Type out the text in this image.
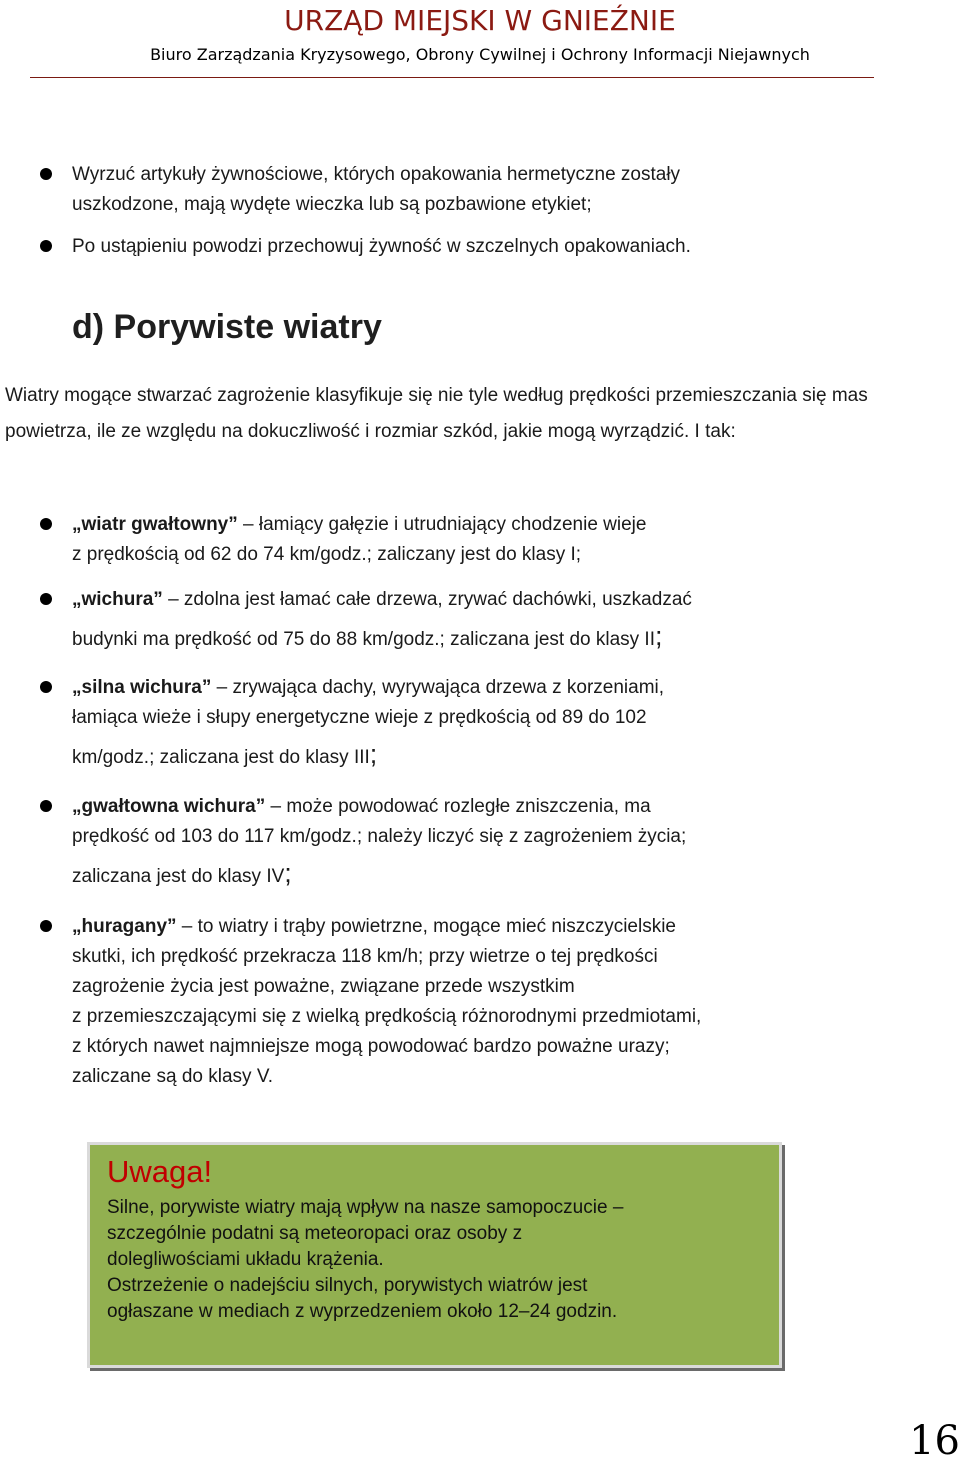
URZĄD MIEJSKI W GNIEŹNIE
Biuro Zarządzania Kryzysowego, Obrony Cywilnej i Ochrony Informacji Niejawnych
Wyrzuć artykuły żywnościowe, których opakowania hermetyczne zostały
uszkodzone, mają wydęte wieczka lub są pozbawione etykiet;
Po ustąpieniu powodzi przechowuj żywność w szczelnych opakowaniach.
d) Porywiste wiatry
Wiatry mogące stwarzać zagrożenie klasyfikuje się nie tyle według prędkości przemieszczania się mas powietrza, ile ze względu na dokuczliwość i rozmiar szkód, jakie mogą wyrządzić. I tak:
„wiatr gwałtowny” – łamiący gałęzie i utrudniający chodzenie wieje
z prędkością od 62 do 74 km/godz.; zaliczany jest do klasy I;
„wichura” – zdolna jest łamać całe drzewa, zrywać dachówki, uszkadzać
budynki ma prędkość od 75 do 88 km/godz.; zaliczana jest do klasy II;
„silna wichura” – zrywająca dachy, wyrywająca drzewa z korzeniami,
łamiąca wieże i słupy energetyczne wieje z prędkością od 89 do 102
km/godz.; zaliczana jest do klasy III;
„gwałtowna wichura” – może powodować rozległe zniszczenia, ma
prędkość od 103 do 117 km/godz.; należy liczyć się z zagrożeniem życia;
zaliczana jest do klasy IV;
„huragany” – to wiatry i trąby powietrzne, mogące mieć niszczycielskie
skutki, ich prędkość przekracza 118 km/h; przy wietrze o tej prędkości
zagrożenie życia jest poważne, związane przede wszystkim
z przemieszczającymi się z wielką prędkością różnorodnymi przedmiotami,
z których nawet najmniejsze mogą powodować bardzo poważne urazy;
zaliczane są do klasy V.
Uwaga!
Silne, porywiste wiatry mają wpływ na nasze samopoczucie –
szczególnie podatni są meteoropaci oraz osoby z
dolegliwościami układu krążenia.
Ostrzeżenie o nadejściu silnych, porywistych wiatrów jest
ogłaszane w mediach z wyprzedzeniem około 12–24 godzin.
16
